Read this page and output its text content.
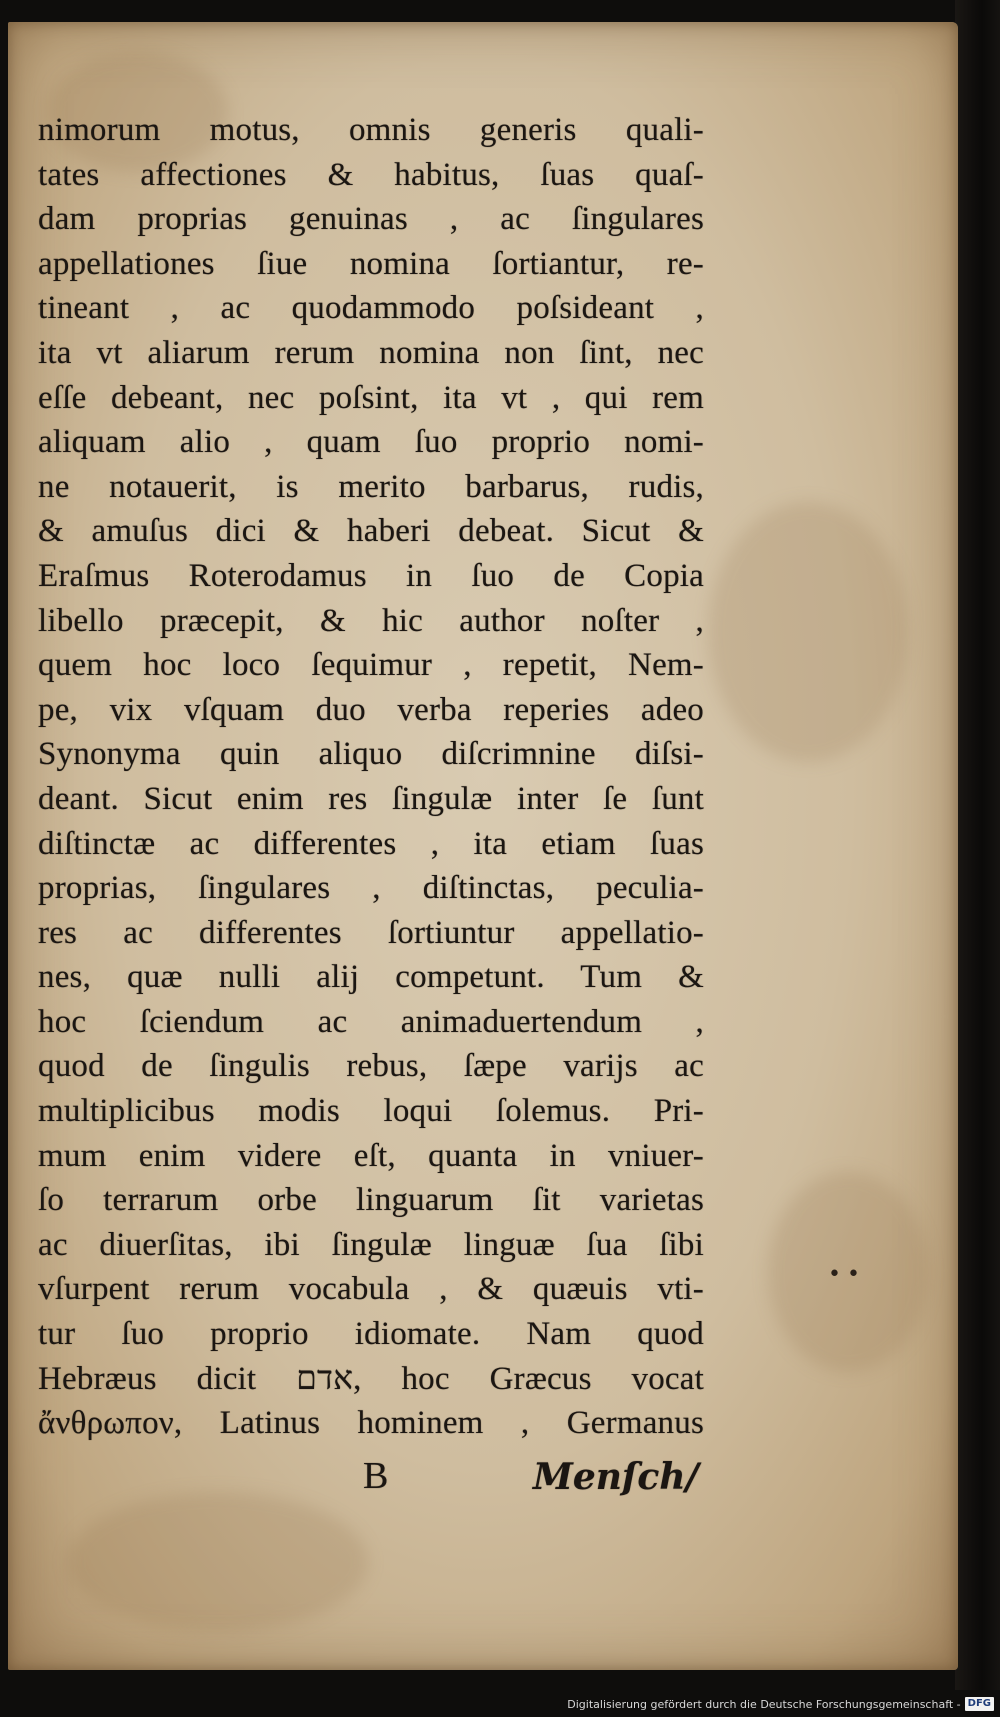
nimorum motus, omnis generis quali-
tates affectiones & habitus, ſuas quaſ-
dam proprias genuinas , ac ſingulares
appellationes ſiue nomina ſortiantur, re-
tineant , ac quodammodo poſsideant ,
ita vt aliarum rerum nomina non ſint, nec
eſſe debeant, nec poſsint, ita vt , qui rem
aliquam alio , quam ſuo proprio nomi-
ne notauerit, is merito barbarus, rudis,
& amuſus dici & haberi debeat. Sicut &
Eraſmus Roterodamus in ſuo de Copia
libello præcepit, & hic author noſter ,
quem hoc loco ſequimur , repetit, Nem-
pe, vix vſquam duo verba reperies adeo
Synonyma quin aliquo diſcrimnine diſsi-
deant. Sicut enim res ſingulæ inter ſe ſunt
diſtinctæ ac differentes , ita etiam ſuas
proprias, ſingulares , diſtinctas, peculia-
res ac differentes ſortiuntur appellatio-
nes, quæ nulli alij competunt. Tum &
hoc ſciendum ac animaduertendum ,
quod de ſingulis rebus, ſæpe varijs ac
multiplicibus modis loqui ſolemus. Pri-
mum enim videre eſt, quanta in vniuer-
ſo terrarum orbe linguarum ſit varietas
ac diuerſitas, ibi ſingulæ linguæ ſua ſibi
vſurpent rerum vocabula , & quæuis vti-
tur ſuo proprio idiomate. Nam quod
Hebræus dicit אדם, hoc Græcus vocat
ἄνθρωπον, Latinus hominem , Germanus
B	Menſch/
••
Digitalisierung gefördert durch die Deutsche Forschungsgemeinschaft - DFG
